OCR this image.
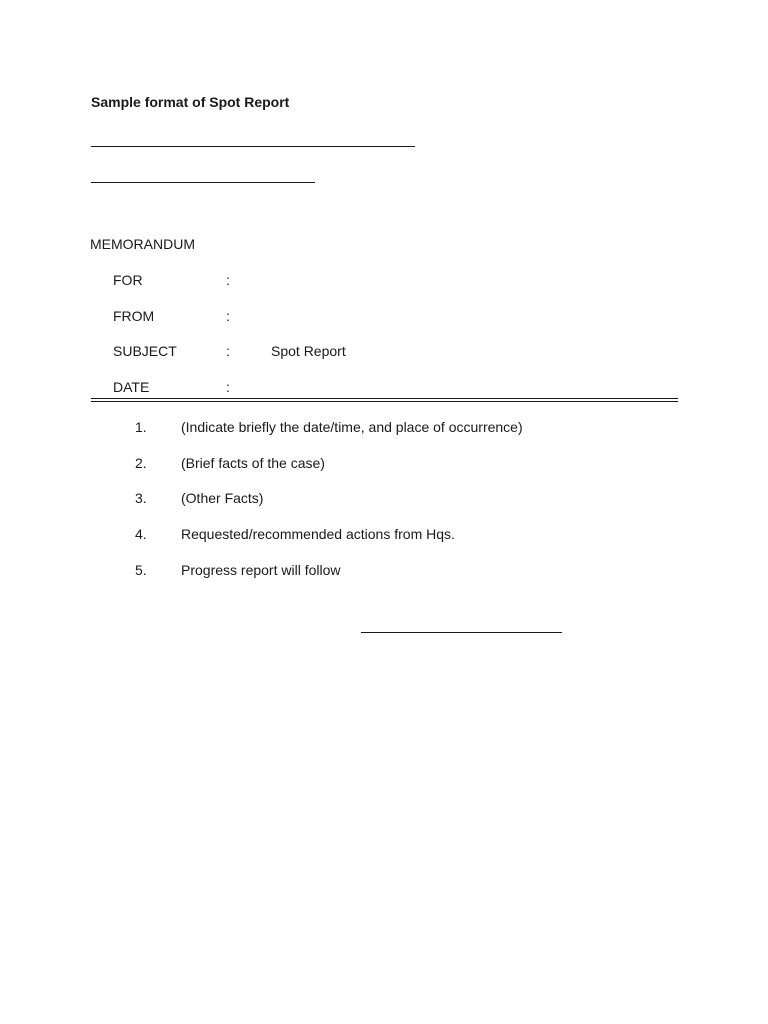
Sample format of Spot Report
MEMORANDUM
FOR	:
FROM	:
SUBJECT	:	Spot Report
DATE	:
1. (Indicate briefly the date/time, and place of occurrence)
2. (Brief facts of the case)
3. (Other Facts)
4. Requested/recommended actions from Hqs.
5. Progress report will follow
